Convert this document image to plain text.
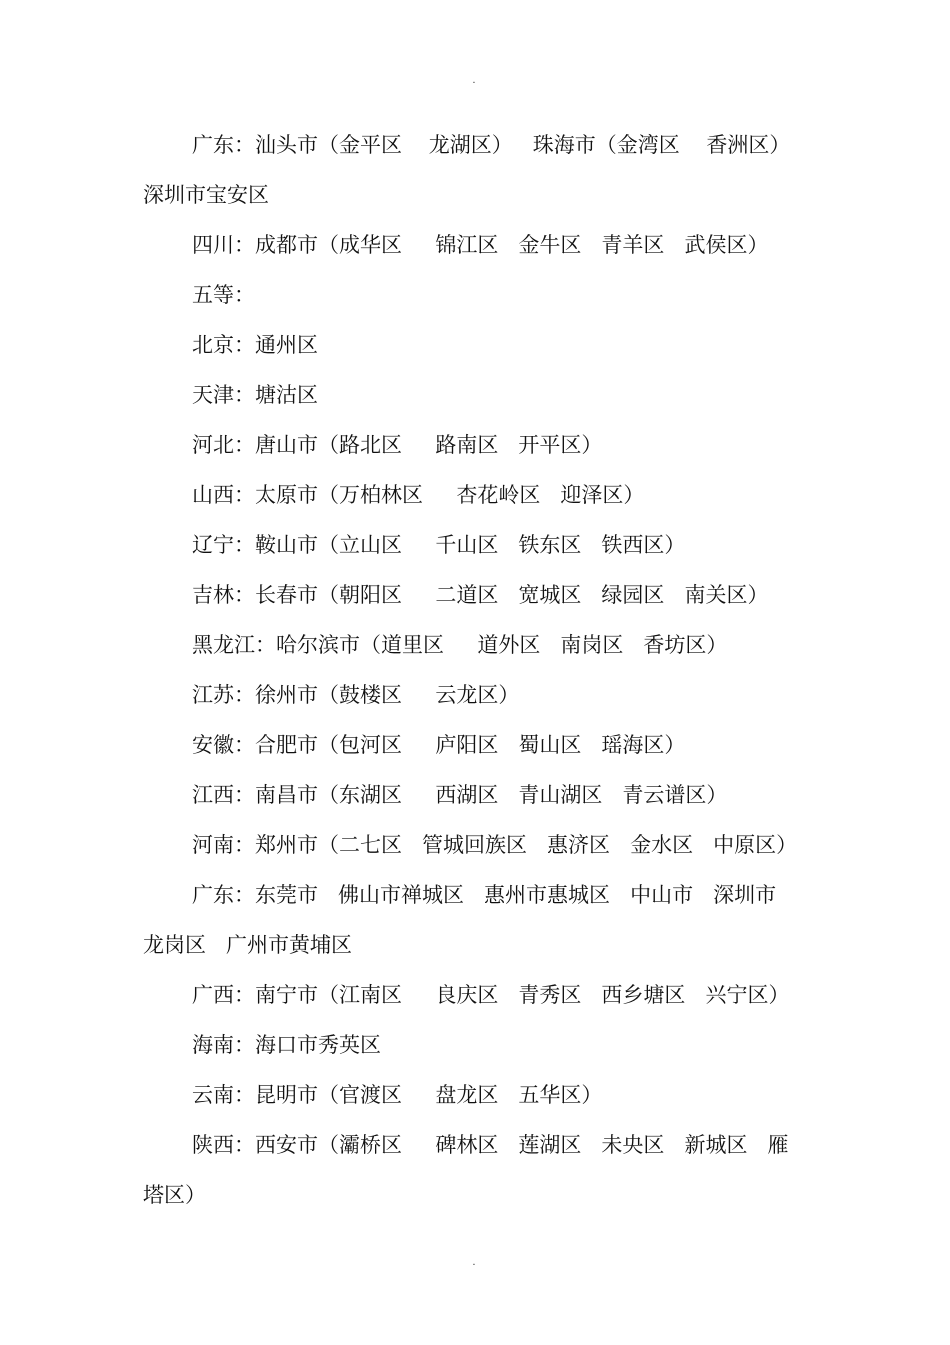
.

广东：汕头市（金平区    龙湖区）   珠海市（金湾区    香洲区）

深圳市宝安区

四川：成都市（成华区     锦江区   金牛区   青羊区   武侯区）

五等：

北京：通州区

天津：塘沽区

河北：唐山市（路北区     路南区   开平区）

山西：太原市（万柏林区     杏花岭区   迎泽区）

辽宁：鞍山市（立山区     千山区   铁东区   铁西区）

吉林：长春市（朝阳区     二道区   宽城区   绿园区   南关区）

黑龙江：哈尔滨市（道里区     道外区   南岗区   香坊区）

江苏：徐州市（鼓楼区     云龙区）

安徽：合肥市（包河区     庐阳区   蜀山区   瑶海区）

江西：南昌市（东湖区     西湖区   青山湖区   青云谱区）

河南：郑州市（二七区   管城回族区   惠济区   金水区   中原区）

广东：东莞市   佛山市禅城区   惠州市惠城区   中山市   深圳市

龙岗区   广州市黄埔区

广西：南宁市（江南区     良庆区   青秀区   西乡塘区   兴宁区）

海南：海口市秀英区

云南：昆明市（官渡区     盘龙区   五华区）

陕西：西安市（灞桥区     碑林区   莲湖区   未央区   新城区   雁

塔区）

.
